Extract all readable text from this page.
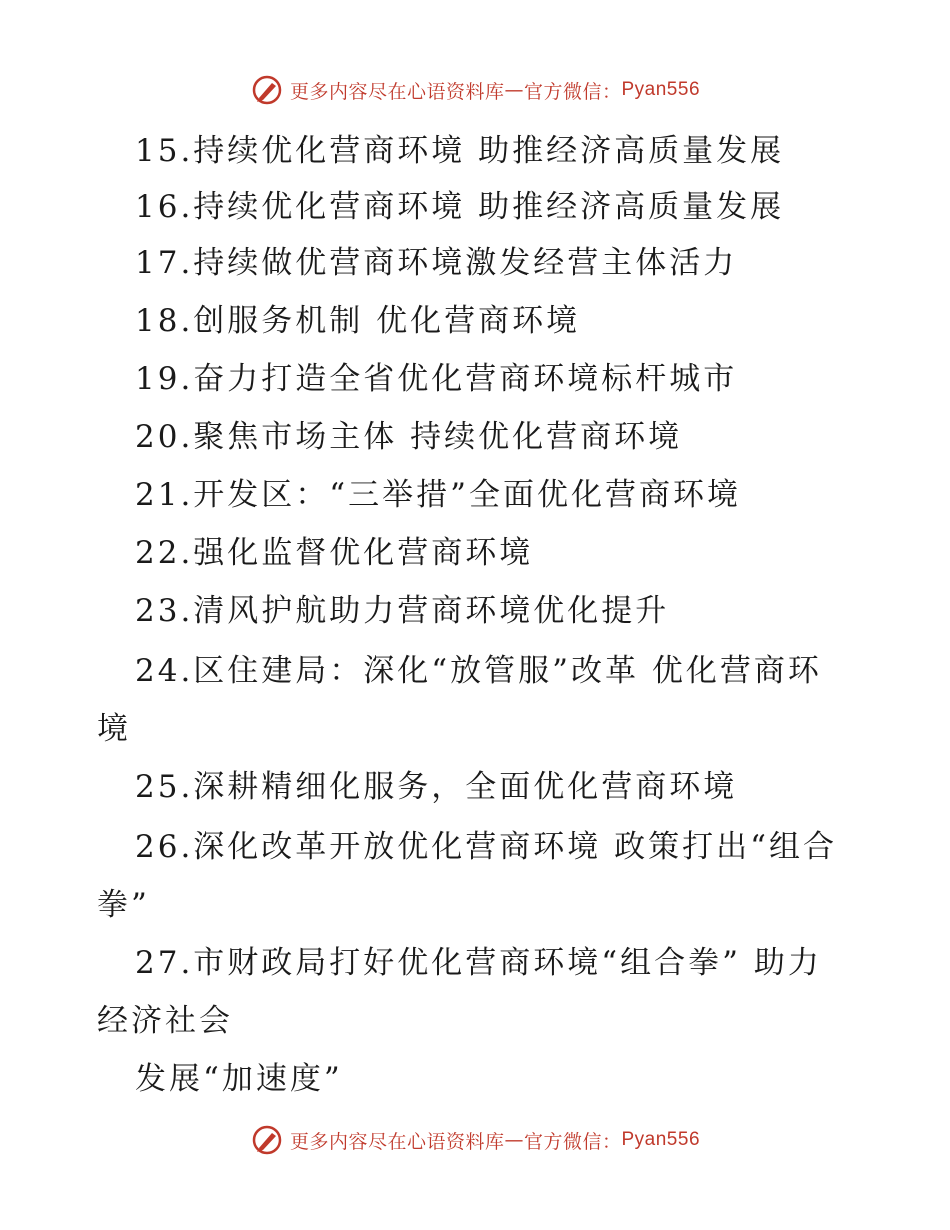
更多内容尽在心语资料库 — 官方微信： Pyan556
15.持续优化营商环境 助推经济高质量发展
16.持续优化营商环境 助推经济高质量发展
17.持续做优营商环境激发经营主体活力
18.创服务机制 优化营商环境
19.奋力打造全省优化营商环境标杆城市
20.聚焦市场主体 持续优化营商环境
21.开发区：“三举措”全面优化营商环境
22.强化监督优化营商环境
23.清风护航助力营商环境优化提升
24.区住建局：深化“放管服”改革 优化营商环
境
25.深耕精细化服务，全面优化营商环境
26.深化改革开放优化营商环境 政策打出“组合
拳”
27.市财政局打好优化营商环境“组合拳” 助力
经济社会
发展“加速度”
更多内容尽在心语资料库 — 官方微信： Pyan556
